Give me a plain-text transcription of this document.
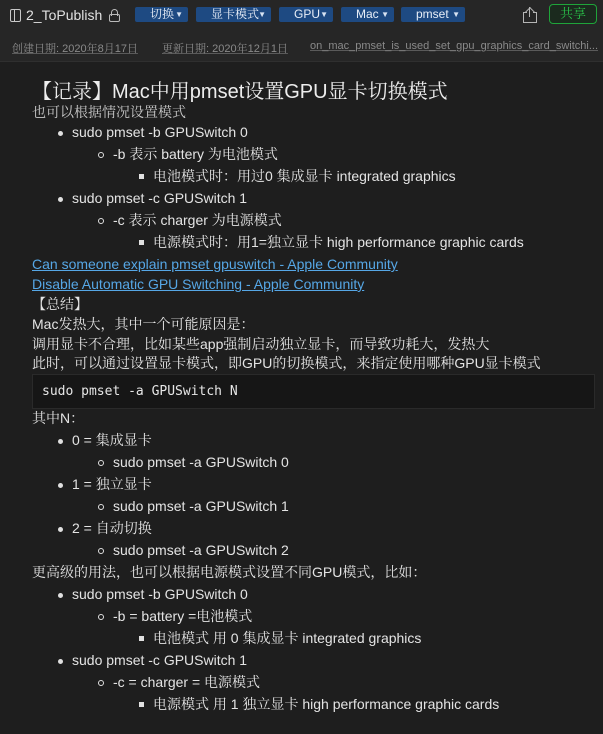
2_ToPublish	切换 ▼	显卡模式 ▼	GPU ▼	Mac ▼	pmset ▼	共享
创建日期: 2020年8月17日 更新日期: 2020年12月1日 on_mac_pmset_is_used_set_gpu_graphics_card_switchi...
【记录】Mac中用pmset设置GPU显卡切换模式
也可以根据情况设置模式
sudo pmset -b GPUSwitch 0
-b 表示 battery 为电池模式
电池模式时：用过0 集成显卡 integrated graphics
sudo pmset -c GPUSwitch 1
-c 表示 charger 为电源模式
电源模式时：用1=独立显卡 high performance graphic cards
Can someone explain pmset gpuswitch - Apple Community
Disable Automatic GPU Switching - Apple Community
【总结】
Mac发热大，其中一个可能原因是：
调用显卡不合理，比如某些app强制启动独立显卡，而导致功耗大，发热大
此时，可以通过设置显卡模式，即GPU的切换模式，来指定使用哪种GPU显卡模式
sudo pmset -a GPUSwitch N
其中N：
0 = 集成显卡
sudo pmset -a GPUSwitch 0
1 = 独立显卡
sudo pmset -a GPUSwitch 1
2 = 自动切换
sudo pmset -a GPUSwitch 2
更高级的用法，也可以根据电源模式设置不同GPU模式，比如：
sudo pmset -b GPUSwitch 0
-b = battery =电池模式
电池模式 用 0 集成显卡 integrated graphics
sudo pmset -c GPUSwitch 1
-c = charger = 电源模式
电源模式 用 1 独立显卡 high performance graphic cards
